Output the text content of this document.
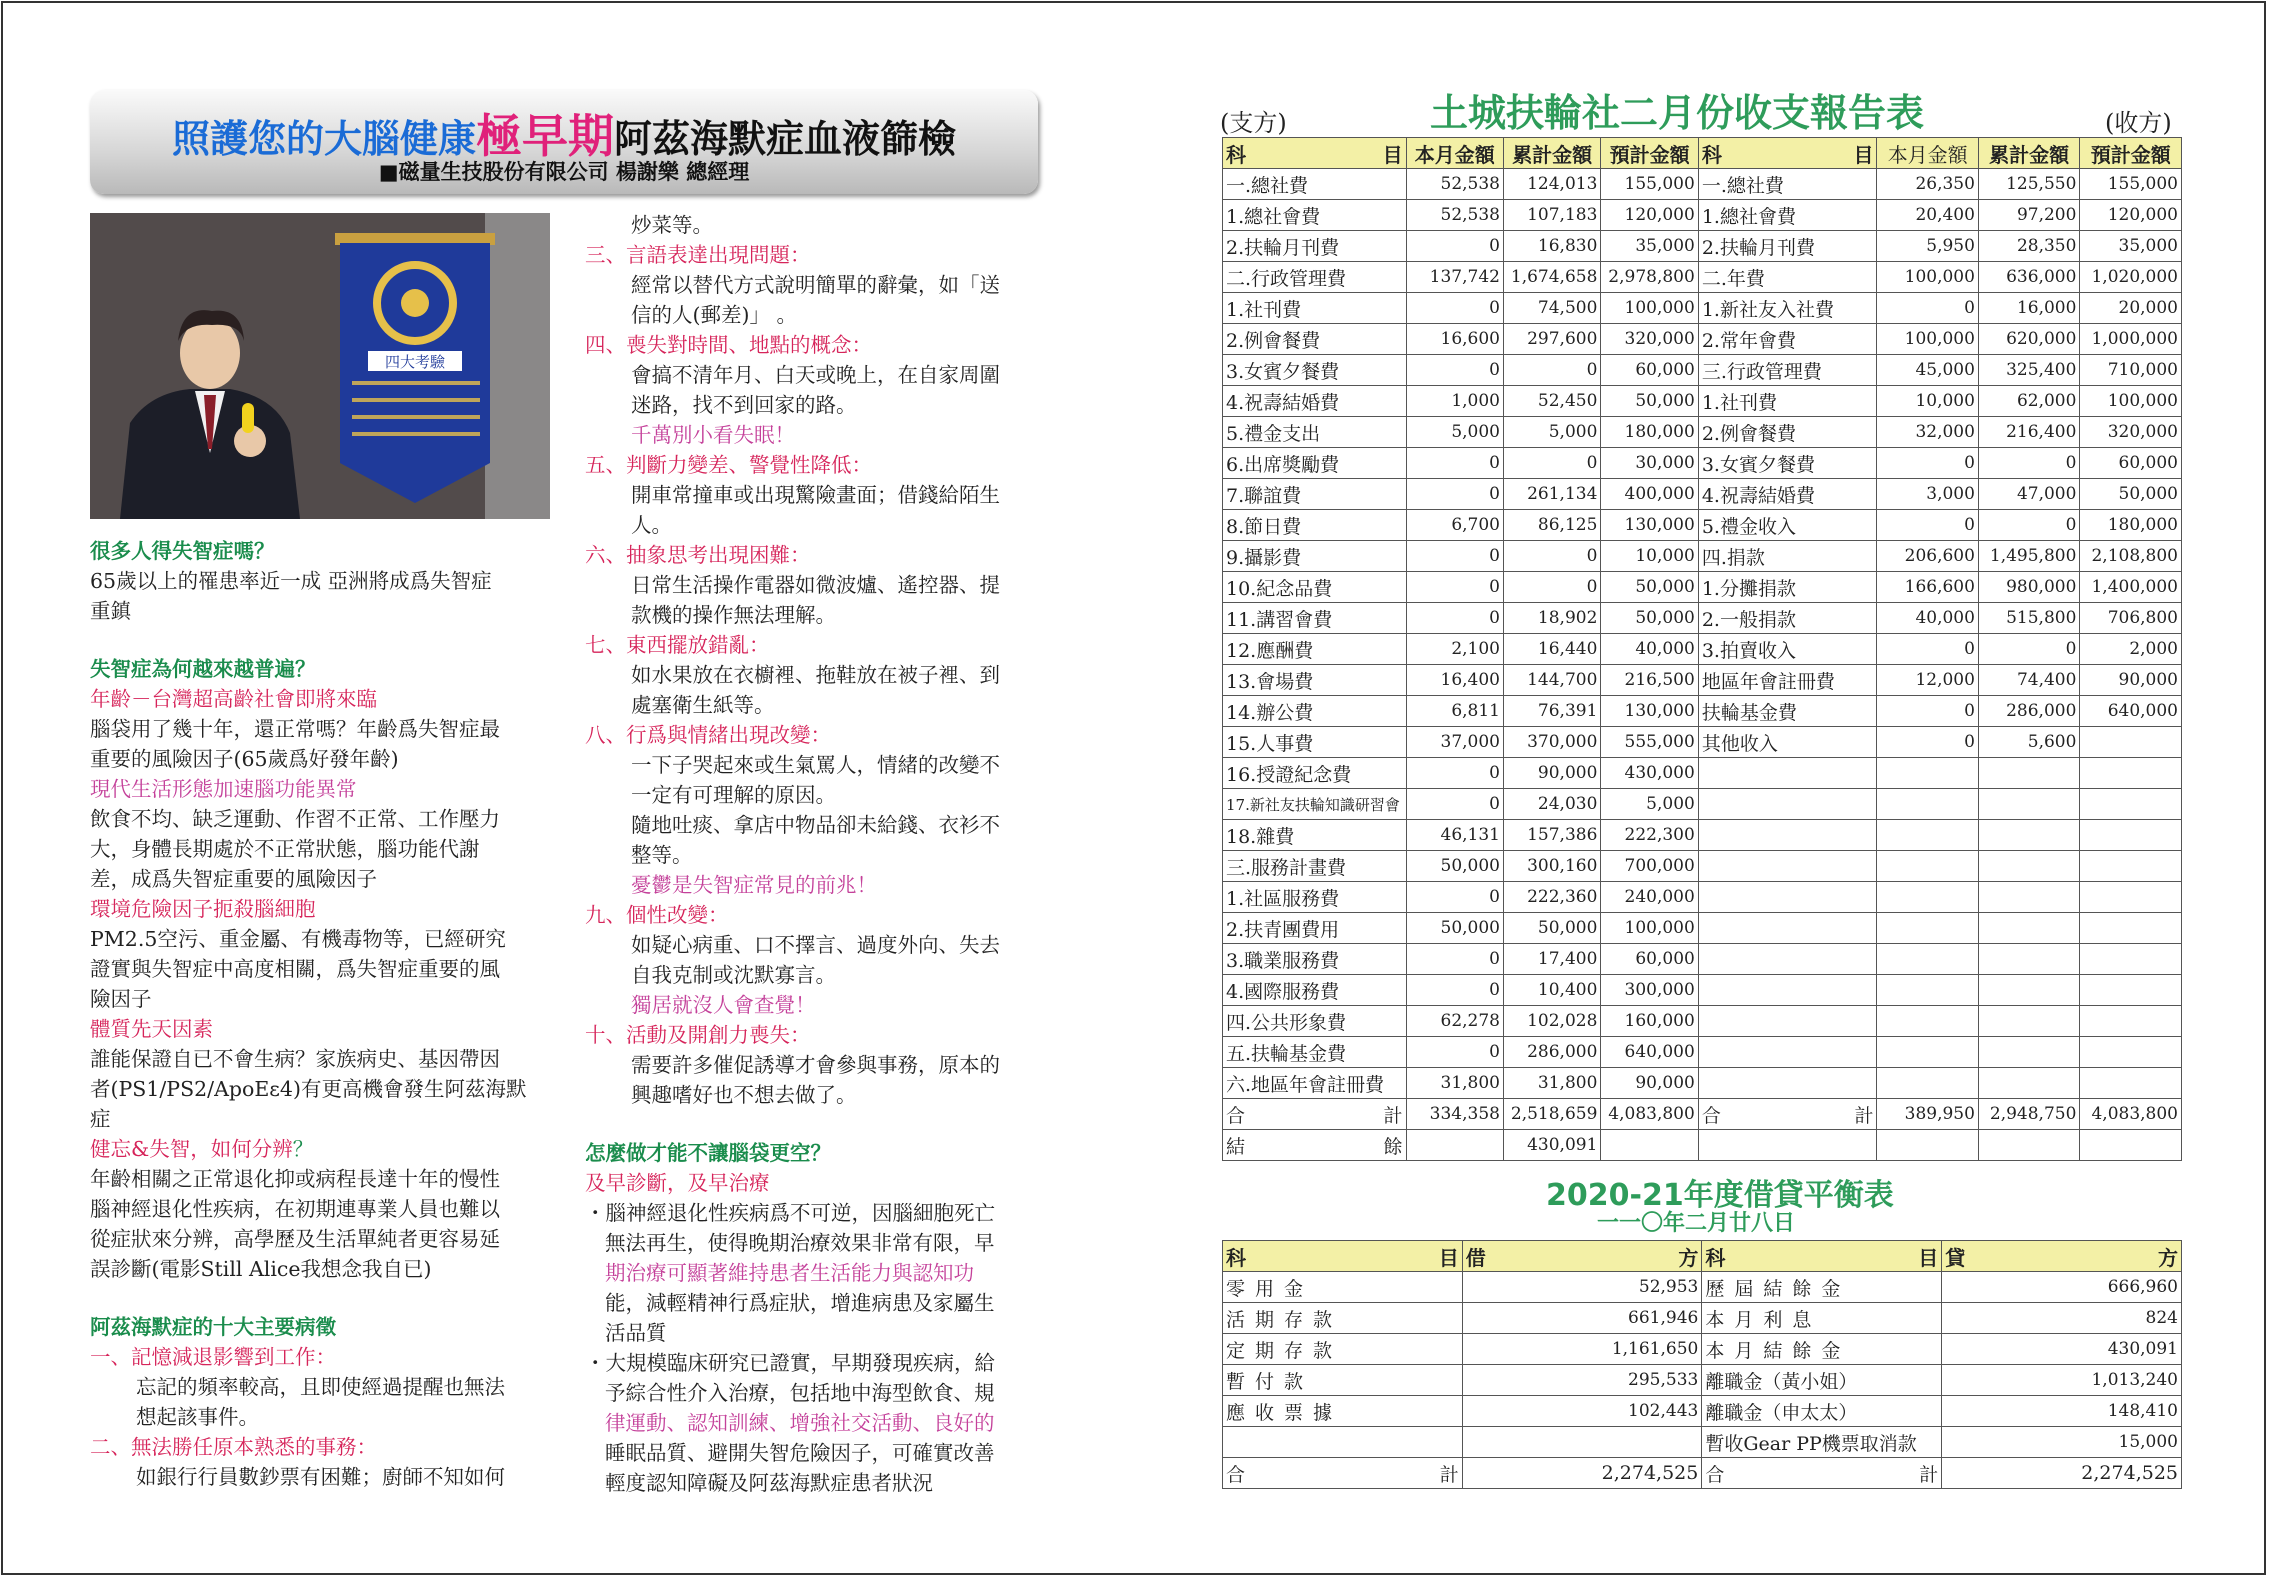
照護您的大腦健康極早期阿茲海默症血液篩檢
■磁量生技股份有限公司 楊謝樂 總經理
四大考驗

很多人得失智症嗎？

65歲以上的罹患率近一成 亞洲將成爲失智症

重鎮

失智症為何越來越普遍？

年齡－台灣超高齡社會即將來臨

腦袋用了幾十年，還正常嗎？年齡爲失智症最

重要的風險因子(65歲爲好發年齡)

現代生活形態加速腦功能異常

飲食不均、缺乏運動、作習不正常、工作壓力

大，身體長期處於不正常狀態，腦功能代謝

差，成爲失智症重要的風險因子

環境危險因子扼殺腦細胞

PM2.5空污、重金屬、有機毒物等，已經研究

證實與失智症中高度相關，爲失智症重要的風

險因子

體質先天因素

誰能保證自已不會生病？家族病史、基因帶因

者(PS1/PS2/ApoEε4)有更高機會發生阿茲海默

症

健忘&失智，如何分辨？

年齡相關之正常退化抑或病程長達十年的慢性

腦神經退化性疾病，在初期連專業人員也難以

從症狀來分辨，高學歷及生活單純者更容易延

誤診斷(電影Still Alice我想念我自已)

阿茲海默症的十大主要病徵

一、記憶減退影響到工作：

忘記的頻率較高，且即使經過提醒也無法

想起該事件。

二、無法勝任原本熟悉的事務：

如銀行行員數鈔票有困難；廚師不知如何

炒菜等。

三、言語表達出現問題：

經常以替代方式說明簡單的辭彙，如「送

信的人(郵差)」 。

四、喪失對時間、地點的概念：

會搞不清年月、白天或晚上，在自家周圍

迷路，找不到回家的路。

千萬別小看失眠！

五、判斷力變差、警覺性降低：

開車常撞車或出現驚險畫面；借錢給陌生

人。

六、抽象思考出現困難：

日常生活操作電器如微波爐、遙控器、提

款機的操作無法理解。

七、東西擺放錯亂：

如水果放在衣櫥裡、拖鞋放在被子裡、到

處塞衛生紙等。

八、行爲與情緒出現改變：

一下子哭起來或生氣罵人，情緒的改變不

一定有可理解的原因。

隨地吐痰、拿店中物品卻未給錢、衣衫不

整等。

憂鬱是失智症常見的前兆！

九、個性改變：

如疑心病重、口不擇言、過度外向、失去

自我克制或沈默寡言。

獨居就沒人會查覺！

十、活動及開創力喪失：

需要許多催促誘導才會參與事務，原本的

興趣嗜好也不想去做了。

怎麼做才能不讓腦袋更空？

及早診斷，及早治療

・腦神經退化性疾病爲不可逆，因腦細胞死亡

無法再生，使得晚期治療效果非常有限，早

期治療可顯著維持患者生活能力與認知功

能，減輕精神行爲症狀，增進病患及家屬生

活品質

・大規模臨床研究已證實，早期發現疾病，給

予綜合性介入治療，包括地中海型飲食、規

律運動、認知訓練、增強社交活動、良好的

睡眠品質、避開失智危險因子，可確實改善

輕度認知障礙及阿茲海默症患者狀況

(支方)	土城扶輪社二月份收支報告表	(收方)
科 目	本月金額	累計金額	預計金額	科 目	本月金額	累計金額	預計金額
一.總社費	52,538	124,013	155,000	一.總社費	26,350	125,550	155,000
1.總社會費	52,538	107,183	120,000	1.總社會費	20,400	97,200	120,000
2.扶輪月刊費	0	16,830	35,000	2.扶輪月刊費	5,950	28,350	35,000
二.行政管理費	137,742	1,674,658	2,978,800	二.年費	100,000	636,000	1,020,000
1.社刊費	0	74,500	100,000	1.新社友入社費	0	16,000	20,000
2.例會餐費	16,600	297,600	320,000	2.常年會費	100,000	620,000	1,000,000
3.女賓夕餐費	0	0	60,000	三.行政管理費	45,000	325,400	710,000
4.祝壽結婚費	1,000	52,450	50,000	1.社刊費	10,000	62,000	100,000
5.禮金支出	5,000	5,000	180,000	2.例會餐費	32,000	216,400	320,000
6.出席獎勵費	0	0	30,000	3.女賓夕餐費	0	0	60,000
7.聯誼費	0	261,134	400,000	4.祝壽結婚費	3,000	47,000	50,000
8.節日費	6,700	86,125	130,000	5.禮金收入	0	0	180,000
9.攝影費	0	0	10,000	四.捐款	206,600	1,495,800	2,108,800
10.紀念品費	0	0	50,000	1.分攤捐款	166,600	980,000	1,400,000
11.講習會費	0	18,902	50,000	2.一般捐款	40,000	515,800	706,800
12.應酬費	2,100	16,440	40,000	3.拍賣收入	0	0	2,000
13.會場費	16,400	144,700	216,500	地區年會註冊費	12,000	74,400	90,000
14.辦公費	6,811	76,391	130,000	扶輪基金費	0	286,000	640,000
15.人事費	37,000	370,000	555,000	其他收入	0	5,600	
16.授證紀念費	0	90,000	430,000				
17.新社友扶輪知識研習會	0	24,030	5,000				
18.雜費	46,131	157,386	222,300				
三.服務計畫費	50,000	300,160	700,000				
1.社區服務費	0	222,360	240,000				
2.扶青團費用	50,000	50,000	100,000				
3.職業服務費	0	17,400	60,000				
4.國際服務費	0	10,400	300,000				
四.公共形象費	62,278	102,028	160,000				
五.扶輪基金費	0	286,000	640,000				
六.地區年會註冊費	31,800	31,800	90,000				

合 計	334,358	2,518,659	4,083,800	合 計	389,950	2,948,750	4,083,800

結 餘		430,091					
2020-21年度借貸平衡表
一一〇年二月廿八日
科 目	借 方	科 目	貸 方

零用金	52,953	歷屆結餘金	666,960
活期存款	661,946	本月利息	824
定期存款	1,161,650	本月結餘金	430,091
暫付款	295,533	離職金（黃小姐）	1,013,240
應收票據	102,443	離職金（申太太）	148,410
		暫收Gear PP機票取消款	15,000

合 計	2,274,525	合 計	2,274,525
